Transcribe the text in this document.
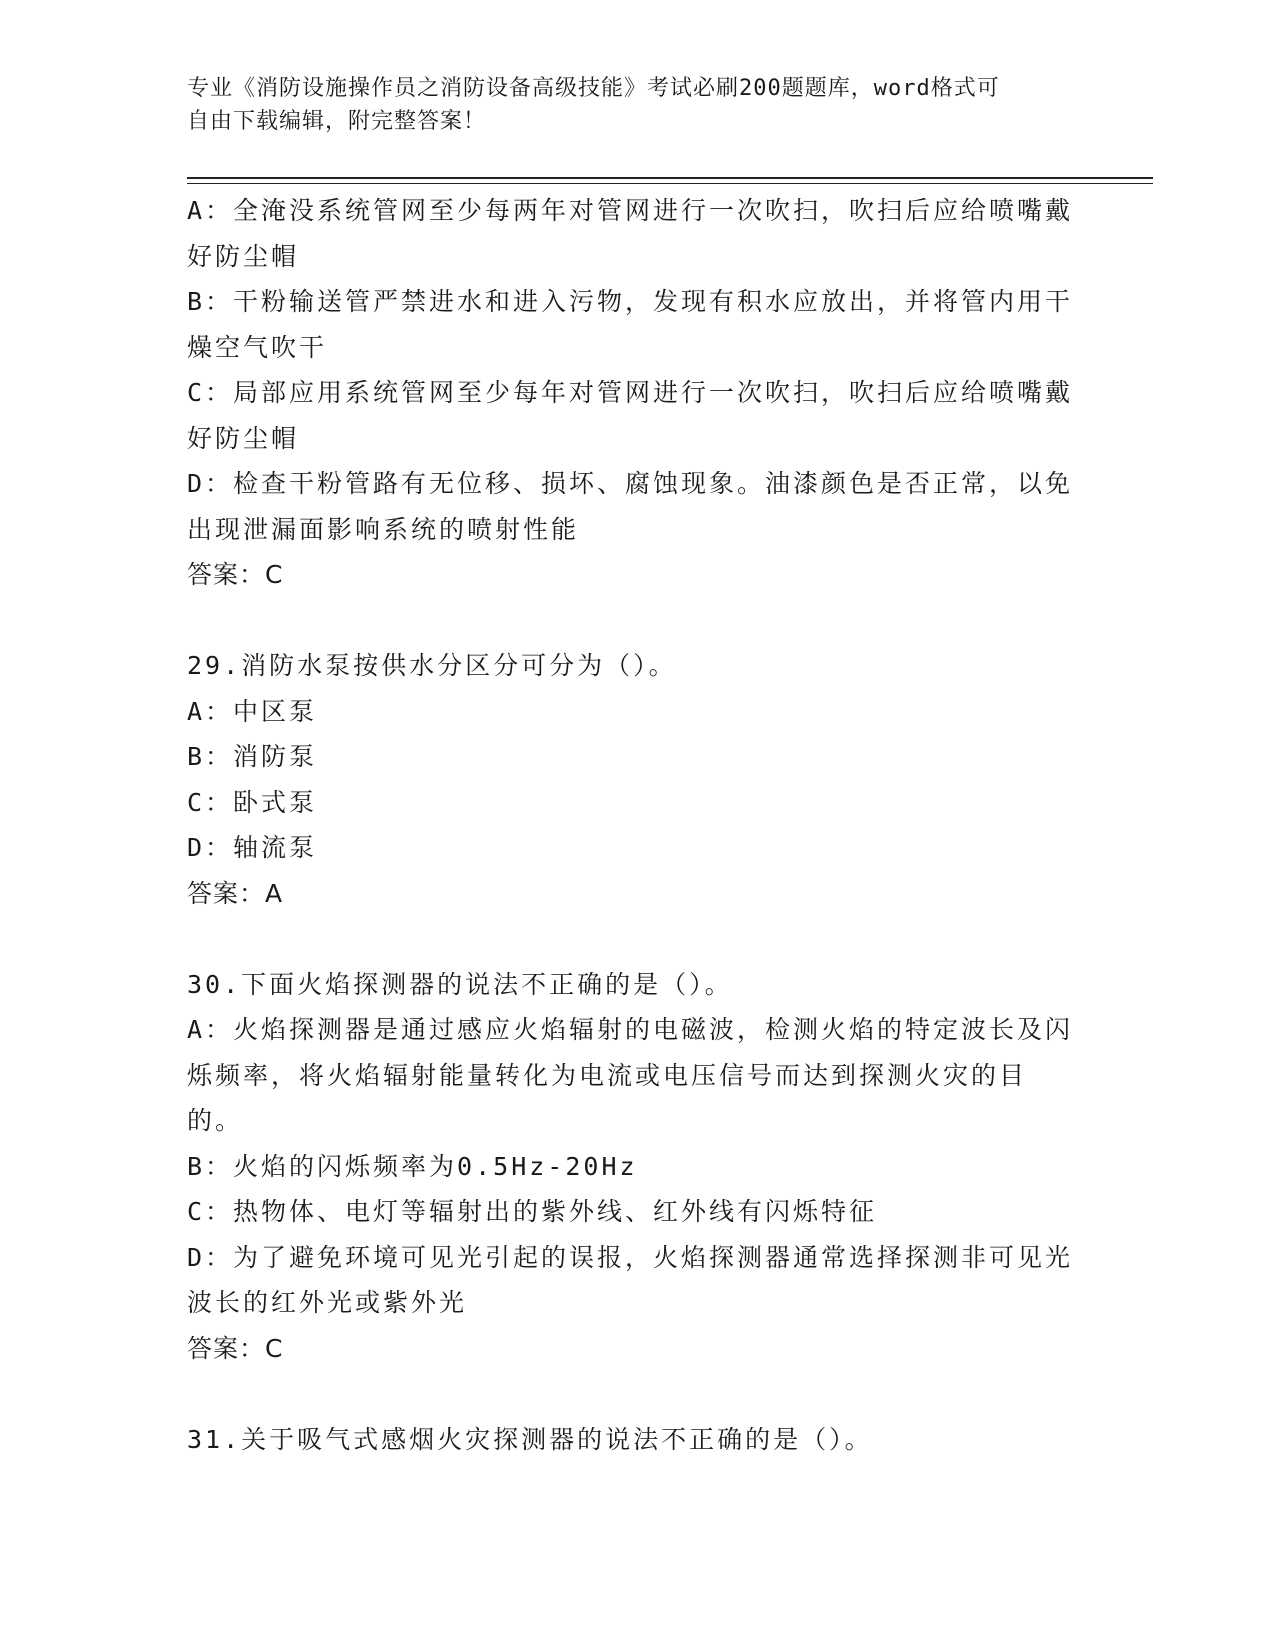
专业《消防设施操作员之消防设备高级技能》考试必刷200题题库，word格式可
自由下载编辑，附完整答案！

A：全淹没系统管网至少每两年对管网进行一次吹扫，吹扫后应给喷嘴戴好防尘帽

B：干粉输送管严禁进水和进入污物，发现有积水应放出，并将管内用干燥空气吹干

C：局部应用系统管网至少每年对管网进行一次吹扫，吹扫后应给喷嘴戴好防尘帽

D：检查干粉管路有无位移、损坏、腐蚀现象。油漆颜色是否正常，以免出现泄漏面影响系统的喷射性能

答案：C

29.消防水泵按供水分区分可分为（）。

A：中区泵

B：消防泵

C：卧式泵

D：轴流泵

答案：A

30.下面火焰探测器的说法不正确的是（）。

A：火焰探测器是通过感应火焰辐射的电磁波，检测火焰的特定波长及闪烁频率，将火焰辐射能量转化为电流或电压信号而达到探测火灾的目的。

B：火焰的闪烁频率为0.5Hz-20Hz

C：热物体、电灯等辐射出的紫外线、红外线有闪烁特征

D：为了避免环境可见光引起的误报，火焰探测器通常选择探测非可见光波长的红外光或紫外光

答案：C

31.关于吸气式感烟火灾探测器的说法不正确的是（）。
